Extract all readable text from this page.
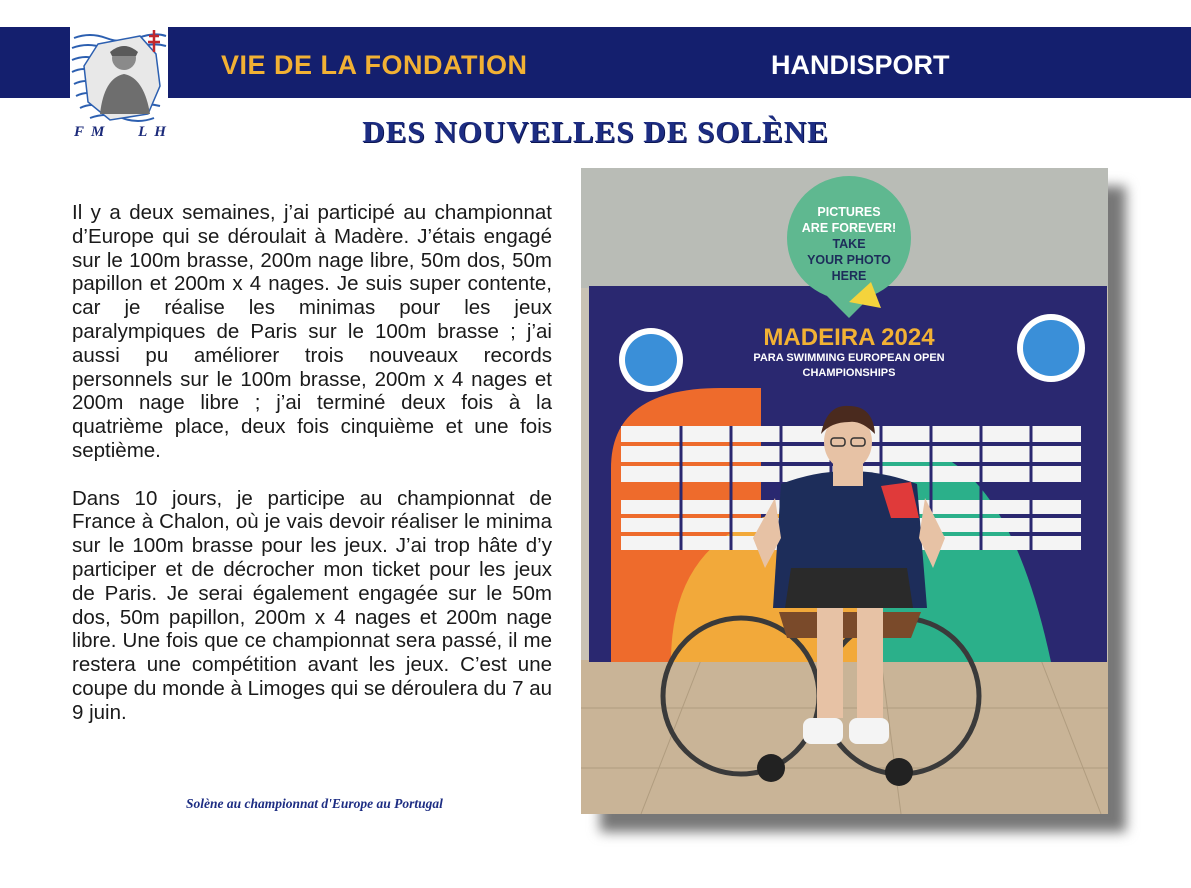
VIE DE LA FONDATION	HANDISPORT
F M L H	DES NOUVELLES DE SOLÈNE

Il y a deux semaines, j’ai participé au championnat d’Europe qui se déroulait à Madère. J’étais engagé sur le 100m brasse, 200m nage libre, 50m dos, 50m papillon et 200m x 4 nages. Je suis super contente, car je réalise les minimas pour les jeux paralympiques de Paris sur le 100m brasse ; j’ai aussi pu améliorer trois nouveaux records personnels sur le 100m brasse, 200m x 4 nages et 200m nage libre ; j’ai terminé deux fois à la quatrième place, deux fois cinquième et une fois septième.

Dans 10 jours, je participe au championnat de France à Chalon, où je vais devoir réaliser le minima sur le 100m brasse pour les jeux. J’ai trop hâte d’y participer et de décrocher mon ticket pour les jeux de Paris. Je serai également engagée sur le 50m dos, 50m papillon, 200m x 4 nages et 200m nage libre. Une fois que ce championnat sera passé, il me restera une compétition avant les jeux. C’est une coupe du monde à Limoges qui se déroulera du 7 au 9 juin.

Solène au championnat d'Europe au Portugal
PICTURES
ARE FOREVER!
TAKE
YOUR PHOTO
HERE
MADEIRA 2024
PARA SWIMMING EUROPEAN OPEN
CHAMPIONSHIPS
